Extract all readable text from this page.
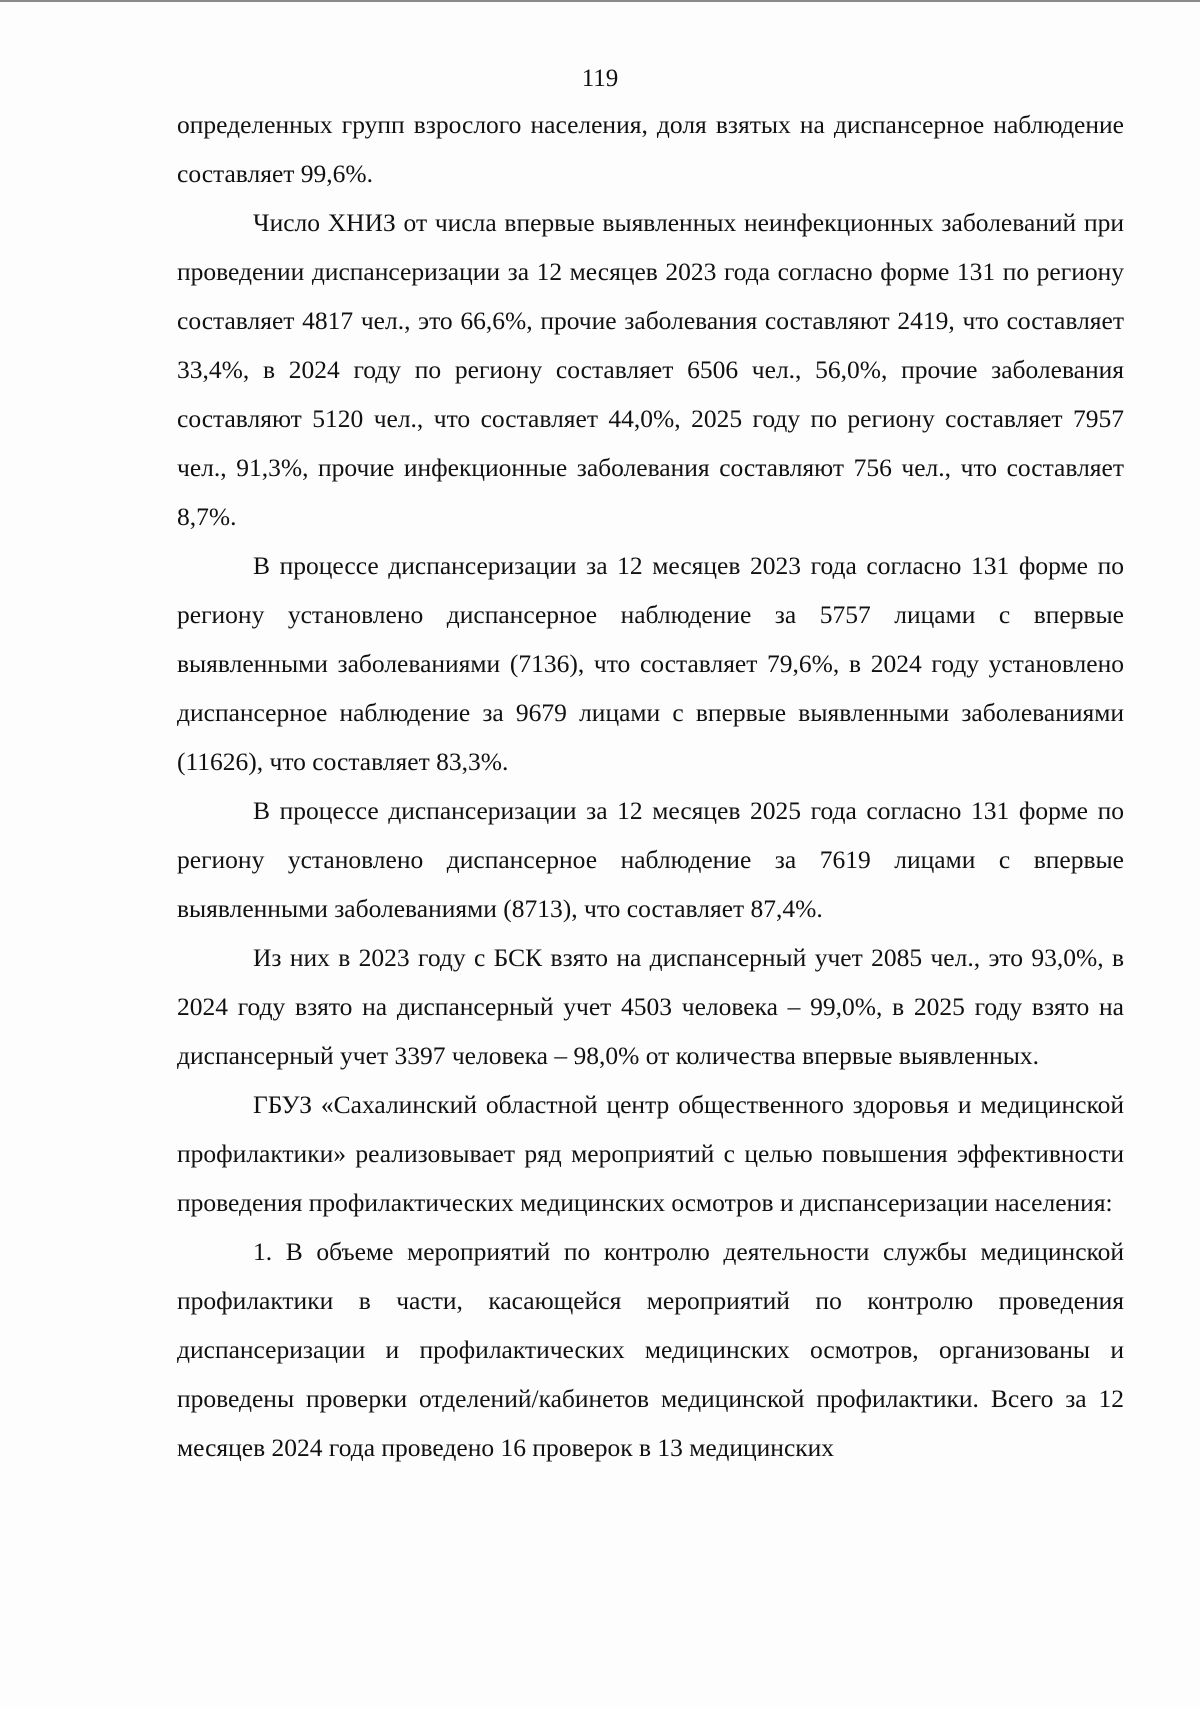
119

определенных групп взрослого населения, доля взятых на диспансерное наблюдение составляет 99,6%.

Число ХНИЗ от числа впервые выявленных неинфекционных заболеваний при проведении диспансеризации за 12 месяцев 2023 года согласно форме 131 по региону составляет 4817 чел., это 66,6%, прочие заболевания составляют 2419, что составляет 33,4%, в 2024 году по региону составляет 6506 чел., 56,0%, прочие заболевания составляют 5120 чел., что составляет 44,0%, 2025 году по региону составляет 7957 чел., 91,3%, прочие инфекционные заболевания составляют 756 чел., что составляет 8,7%.

В процессе диспансеризации за 12 месяцев 2023 года согласно 131 форме по региону установлено диспансерное наблюдение за 5757 лицами с впервые выявленными заболеваниями (7136), что составляет 79,6%, в 2024 году установлено диспансерное наблюдение за 9679 лицами с впервые выявленными заболеваниями (11626), что составляет 83,3%.

В процессе диспансеризации за 12 месяцев 2025 года согласно 131 форме по региону установлено диспансерное наблюдение за 7619 лицами с впервые выявленными заболеваниями (8713), что составляет 87,4%.

Из них в 2023 году с БСК взято на диспансерный учет 2085 чел., это 93,0%, в 2024 году взято на диспансерный учет 4503 человека – 99,0%, в 2025 году взято на диспансерный учет 3397 человека – 98,0% от количества впервые выявленных.

ГБУЗ «Сахалинский областной центр общественного здоровья и медицинской профилактики» реализовывает ряд мероприятий с целью повышения эффективности проведения профилактических медицинских осмотров и диспансеризации населения:

1. В объеме мероприятий по контролю деятельности службы медицинской профилактики в части, касающейся мероприятий по контролю проведения диспансеризации и профилактических медицинских осмотров, организованы и проведены проверки отделений/кабинетов медицинской профилактики. Всего за 12 месяцев 2024 года проведено 16 проверок в 13 медицинских
